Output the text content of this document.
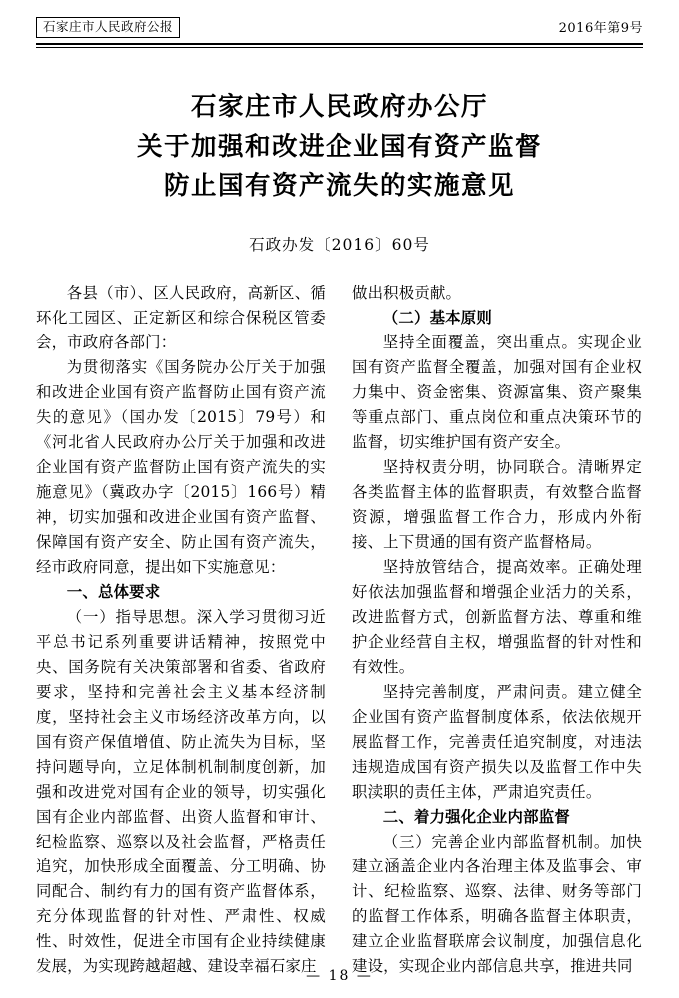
石家庄市人民政府公报	2016年第9号
石家庄市人民政府办公厅
关于加强和改进企业国有资产监督
防止国有资产流失的实施意见
石政办发〔2016〕60号

各县（市）、区人民政府，高新区、循环化工园区、正定新区和综合保税区管委会，市政府各部门：

为贯彻落实《国务院办公厅关于加强和改进企业国有资产监督防止国有资产流失的意见》（国办发〔2015〕79号）和《河北省人民政府办公厅关于加强和改进企业国有资产监督防止国有资产流失的实施意见》（冀政办字〔2015〕166号）精神，切实加强和改进企业国有资产监督、保障国有资产安全、防止国有资产流失，经市政府同意，提出如下实施意见：

一、总体要求

（一）指导思想。深入学习贯彻习近平总书记系列重要讲话精神，按照党中央、国务院有关决策部署和省委、省政府要求，坚持和完善社会主义基本经济制度，坚持社会主义市场经济改革方向，以国有资产保值增值、防止流失为目标，坚持问题导向，立足体制机制制度创新，加强和改进党对国有企业的领导，切实强化国有企业内部监督、出资人监督和审计、纪检监察、巡察以及社会监督，严格责任追究，加快形成全面覆盖、分工明确、协同配合、制约有力的国有资产监督体系，充分体现监督的针对性、严肃性、权威性、时效性，促进全市国有企业持续健康发展，为实现跨越超越、建设幸福石家庄

做出积极贡献。

（二）基本原则

坚持全面覆盖，突出重点。实现企业国有资产监督全覆盖，加强对国有企业权力集中、资金密集、资源富集、资产聚集等重点部门、重点岗位和重点决策环节的监督，切实维护国有资产安全。

坚持权责分明，协同联合。清晰界定各类监督主体的监督职责，有效整合监督资源，增强监督工作合力，形成内外衔接、上下贯通的国有资产监督格局。

坚持放管结合，提高效率。正确处理好依法加强监督和增强企业活力的关系，改进监督方式，创新监督方法、尊重和维护企业经营自主权，增强监督的针对性和有效性。

坚持完善制度，严肃问责。建立健全企业国有资产监督制度体系，依法依规开展监督工作，完善责任追究制度，对违法违规造成国有资产损失以及监督工作中失职渎职的责任主体，严肃追究责任。

二、着力强化企业内部监督

（三）完善企业内部监督机制。加快建立涵盖企业内各治理主体及监事会、审计、纪检监察、巡察、法律、财务等部门的监督工作体系，明确各监督主体职责，建立企业监督联席会议制度，加强信息化建设，实现企业内部信息共享，推进共同

— 18 —
